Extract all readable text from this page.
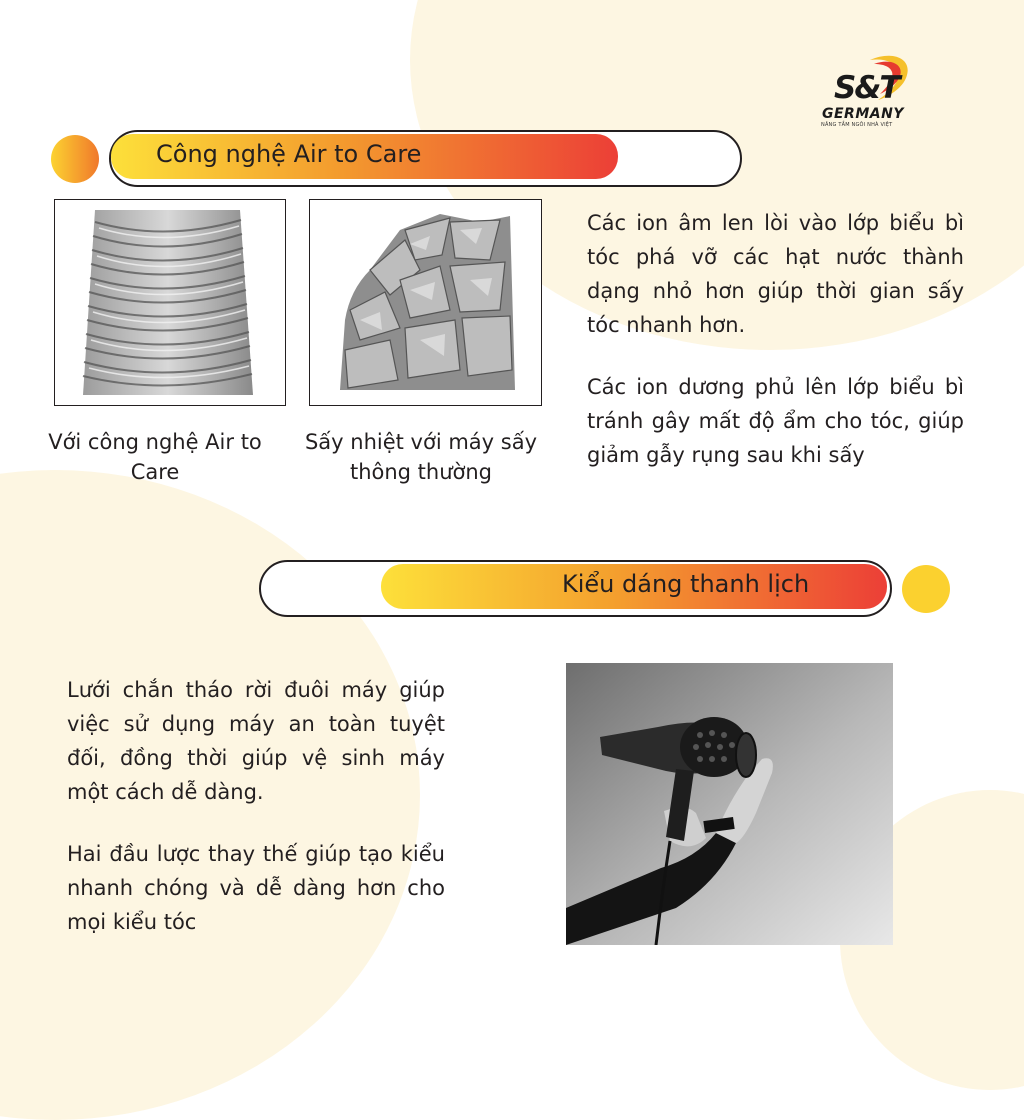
S&T
GERMANY
NÂNG TẦM NGÔI NHÀ VIỆT
Công nghệ Air to Care
Với công nghệ Air to Care
Sấy nhiệt với máy sấy thông thường
Các ion âm len lòi vào lớp biểu bì tóc phá vỡ các hạt nước thành dạng nhỏ hơn giúp thời gian sấy tóc nhanh hơn.
Các ion dương phủ lên lớp biểu bì tránh gây mất độ ẩm cho tóc, giúp giảm gẫy rụng sau khi sấy
Kiểu dáng thanh lịch
Lưới chắn tháo rời đuôi máy giúp việc sử dụng máy an toàn tuyệt đối, đồng thời giúp vệ sinh máy một cách dễ dàng.
Hai đầu lược thay thế giúp tạo kiểu nhanh chóng và dễ dàng hơn cho mọi kiểu tóc
